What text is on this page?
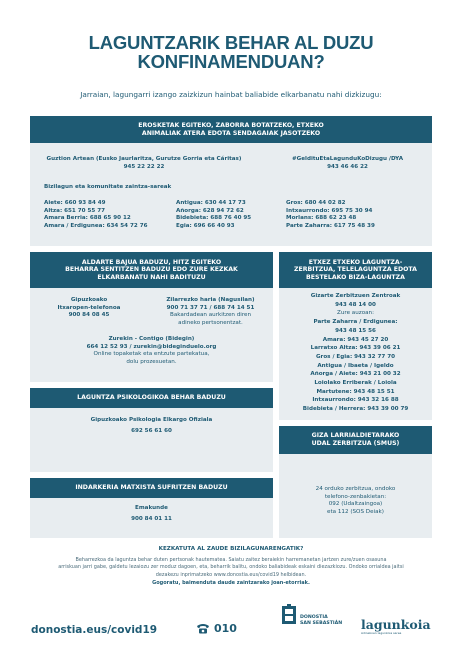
LAGUNTZARIK BEHAR AL DUZU
KONFINAMENDUAN?
Jarraian, lagungarri izango zaizkizun hainbat baliabide elkarbanatu nahi dizkizugu:
EROSKETAK EGITEKO, ZABORRA BOTATZEKO, ETXEKO
ANIMALIAK ATERA EDOTA SENDAGAIAK JASOTZEKO
Guztion Artean (Eusko Jaurlaritza, Gurutze Gorria eta Cáritas)
945 22 22 22
#GeldituEtaLagunduKoDizugu /DYA
943 46 46 22
Bizilagun eta komunitate zaintza-sareak
Aiete: 660 93 84 49
Altza: 651 70 55 77
Amara Berria: 688 65 90 12
Amara / Erdiguneа: 634 54 72 76
Antigua: 630 44 17 73
Añorga: 628 94 72 62
Bidebieta: 688 76 40 95
Egia: 696 66 40 93
Gros: 680 44 02 82
Intxaurrondo: 695 75 30 94
Morlans: 688 62 23 48
Parte Zaharra: 617 75 48 39
ALDARTE BAJUA BADUZU, HITZ EGITEKO
BEHARRA SENTITZEN BADUZU EDO ZURE KEZKAK
ELKARBANATU NAHI BADITUZU
Gipuzkoako
Itxaropen-telefonoa
900 84 08 45
Zilarrezko haria (Nagusilan)
900 71 37 71 / 688 74 14 51
Bakardadean aurkitzen diren
adineko pertsonentzat.
Zurekin - Contigo (Bidegin)
664 12 52 93 / zurekin@bideginduelo.org
Online topaketak eta entzute partekatua,
dolu prozesuetan.
LAGUNTZA PSIKOLOGIKOA BEHAR BADUZU
Gipuzkoako Psikologia Elkargo Ofiziala
692 56 61 60
INDARKERIA MATXISTA SUFRITZEN BADUZU
Emakunde
900 84 01 11
ETXEZ ETXEKO LAGUNTZA-
ZERBITZUA, TELELAGUNTZA EDOTA
BESTELAKO BIZA-LAGUNTZA
Gizarte Zerbitzuen Zentroak
943 48 14 00
Zure auzoan:
Parte Zaharra / Erdigunea:
943 48 15 56
Amara: 943 45 27 20
Larratxo Altza: 943 39 06 21
Gros / Egia: 943 32 77 70
Antigua / Ibaeta / Igeldo
Añorga / Aiete: 943 21 00 32
Loiolako Erriberak / Loiola
Martutene: 943 48 15 51
Intxaurrondo: 943 32 16 88
Bidebieta / Herrera: 943 39 00 79
GIZA LARRIALDIETARAKO
UDAL ZERBITZUA (SMUS)
24 orduko zerbitzua, ondoko
telefono-zenbakietan:
092 (Udaltzaingoa)
eta 112 (SOS Deiak)
KEZKATUTA AL ZAUDE BIZILAGUNARENGATIK?
Beharrezkoa da laguntza behar duten pertsonak hautematea. Saiatu zaitez beraiekin harremanetan jartzen zure/zuen osasuna
arriskuan jarri gabe, galdetu lezaiozu zer moduz dagoen, eta, beharrik balitu, ondoko baliabideak eskaini diezazkiozu. Ondoko orrialdea jaitsi
dezakezu inprimatzeko www.donostia.eus/covid19 helbidean.
Gogoratu, baimenduta daude zaintzarako joan-etorriak.
donostia.eus/covid19	010
DONOSTIA
SAN SEBASTIÁN lagunkoia
Adinekoen lagunkoia sarea
